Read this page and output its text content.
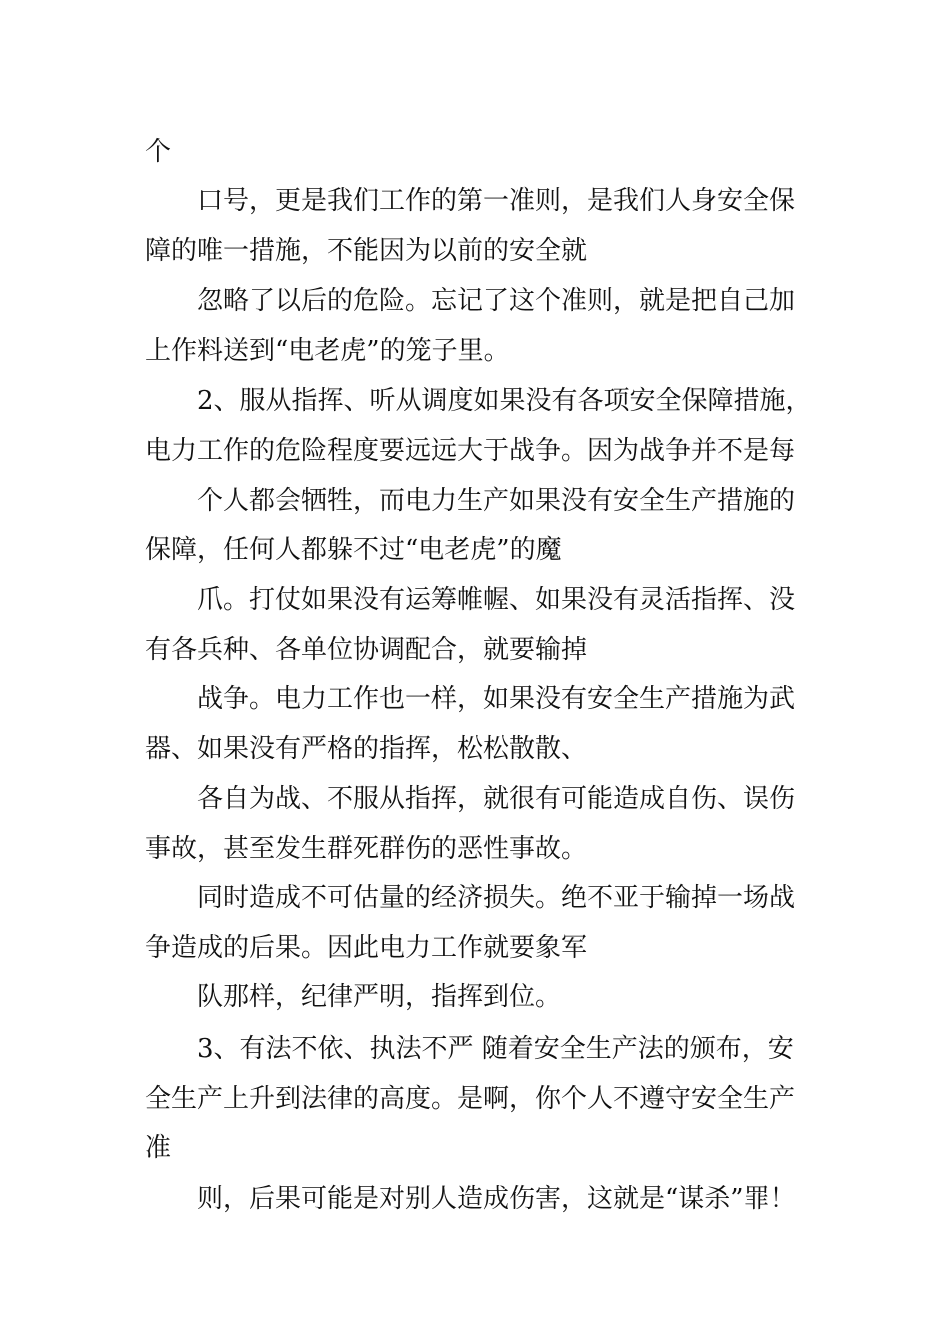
个
口号，更是我们工作的第一准则，是我们人身安全保
障的唯一措施，不能因为以前的安全就
忽略了以后的危险。忘记了这个准则，就是把自己加
上作料送到“电老虎”的笼子里。
2、服从指挥、听从调度如果没有各项安全保障措施，
电力工作的危险程度要远远大于战争。因为战争并不是每
个人都会牺牲，而电力生产如果没有安全生产措施的
保障，任何人都躲不过“电老虎”的魔
爪。打仗如果没有运筹帷幄、如果没有灵活指挥、没
有各兵种、各单位协调配合，就要输掉
战争。电力工作也一样，如果没有安全生产措施为武
器、如果没有严格的指挥，松松散散、
各自为战、不服从指挥，就很有可能造成自伤、误伤
事故，甚至发生群死群伤的恶性事故。
同时造成不可估量的经济损失。绝不亚于输掉一场战
争造成的后果。因此电力工作就要象军
队那样，纪律严明，指挥到位。
3、有法不依、执法不严 随着安全生产法的颁布，安
全生产上升到法律的高度。是啊，你个人不遵守安全生产
准
则，后果可能是对别人造成伤害，这就是“谋杀”罪！
